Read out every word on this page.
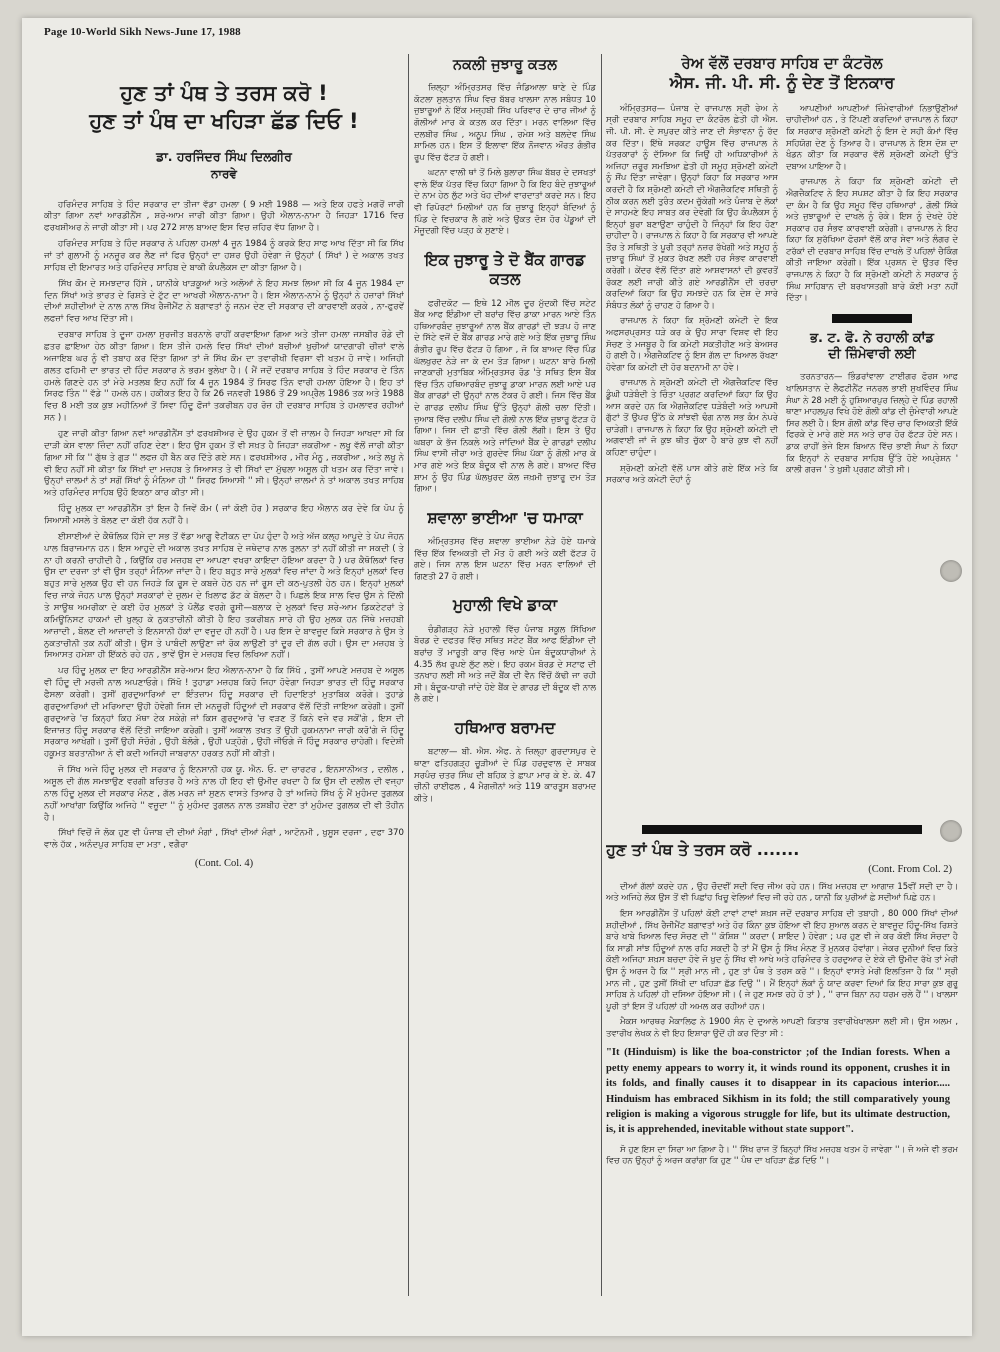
Page 10-World Sikh News-June 17, 1988
ਹੁਣ ਤਾਂ ਪੰਥ ਤੇ ਤਰਸ ਕਰੋ !
ਹੁਣ ਤਾਂ ਪੰਥ ਦਾ ਖਹਿੜਾ ਛੱਡ ਦਿਓ !
ਡਾ. ਹਰਜਿੰਦਰ ਸਿੰਘ ਦਿਲਗੀਰ
ਨਾਰਵੇ

ਹਰਿਮੰਦਰ ਸਾਹਿਬ ਤੇ ਹਿੰਦ ਸਰਕਾਰ ਦਾ ਤੀਜਾ ਵੱਡਾ ਹਮਲਾ ( 9 ਮਈ 1988 — ਅਤੇ ਇਕ ਹਫਤੇ ਮਗਰੋਂ ਜਾਰੀ ਕੀਤਾ ਗਿਆ ਨਵਾਂ ਆਰਡੀਨੈਂਸ , ਸ਼ਰੇ-ਆਮ ਜਾਰੀ ਕੀਤਾ ਗਿਆ। ਉਹੀ ਐਲਾਨ-ਨਾਮਾ ਹੈ ਜਿਹੜਾ 1716 ਵਿਚ ਫਰਖਸ਼ੀਅਰ ਨੇ ਜਾਰੀ ਕੀਤਾ ਸੀ। ਪਰ 272 ਸਾਲ ਬਾਅਦ ਇਸ ਵਿਚ ਜ਼ਹਿਰ ਵੱਧ ਗਿਆ ਹੈ।

ਹਰਿਮੰਦਰ ਸਾਹਿਬ ਤੇ ਹਿੰਦ ਸਰਕਾਰ ਨੇ ਪਹਿਲਾ ਹਮਲਾਂ 4 ਜੂਨ 1984 ਨੂੰ ਕਰਕੇ ਇਹ ਸਾਫ ਆਖ ਦਿੱਤਾ ਸੀ ਕਿ ਸਿੱਖ ਜਾਂ ਤਾਂ ਗੁਲਾਮੀ ਨੂੰ ਮਨਜ਼ੂਰ ਕਰ ਲੈਣ ਜਾਂ ਫਿਰ ਉਨ੍ਹਾਂ ਦਾ ਹਸ਼ਰ ਉਹੀ ਹੋਵੇਗਾ ਜੋ ਉਨ੍ਹਾਂ ( ਸਿੱਖਾਂ ) ਦੇ ਅਕਾਲ ਤਖਤ ਸਾਹਿਬ ਦੀ ਇਮਾਰਤ ਅਤੇ ਹਰਿਮੰਦਰ ਸਾਹਿਬ ਦੇ ਬਾਕੀ ਕੰਪਲੈਕਸ ਦਾ ਕੀਤਾ ਗਿਆ ਹੈ।

ਸਿੱਖ ਕੌਮ ਦੇ ਸਮਝਦਾਰ ਹਿੱਸੇ , ਯਾਨੀਕੇ ਖਾੜਕੂਆਂ ਅਤੇ ਅਲੋਆਂ ਨੇ ਇਹ ਸਮਝ ਲਿਆ ਸੀ ਕਿ 4 ਜੂਨ 1984 ਦਾ ਦਿਨ ਸਿੱਖਾਂ ਅਤੇ ਭਾਰਤ ਦੇ ਰਿਸ਼ਤੇ ਦੇ ਟੁੱਟ ਦਾ ਆਖਰੀ ਐਲਾਨ-ਨਾਮਾ ਹੈ। ਇਸ ਐਲਾਨ-ਨਾਮੇ ਨੂੰ ਉਨ੍ਹਾਂ ਨੇ ਹਜ਼ਾਰਾਂ ਸਿੱਖਾਂ ਦੀਆਂ ਸ਼ਹੀਦੀਆਂ ਦੇ ਨਾਲ ਨਾਲ ਸਿੱਖ ਰੈਜੀਮੈਂਟ ਨੇ ਬਗਾਵਤਾਂ ਨੂੰ ਜਨਮ ਦੇਣ ਦੀ ਸਰਕਾਰ ਦੀ ਕਾਰਵਾਈ ਕਰਕੇ , ਨਾ-ਫੁਰਵੇਂ ਲਫਜ਼ਾਂ ਵਿਚ ਆਖ ਦਿੱਤਾ ਸੀ।

ਦਰਬਾਰ ਸਾਹਿਬ ਤੇ ਦੂਜਾ ਹਮਲਾ ਸੁਰਜੀਤ ਬਰਨਾਲੇ ਰਾਹੀਂ ਕਰਵਾਇਆ ਗਿਆ ਅਤੇ ਤੀਜਾ ਹਮਲਾ ਜਸਬੀਰ ਰੋਡੇ ਦੀ ਛਤਰ ਛਾਇਆ ਹੇਠ ਕੀਤਾ ਗਿਆ। ਇਸ ਤੀਜੇ ਹਮਲੇ ਵਿਚ ਸਿੱਖਾਂ ਦੀਆਂ ਬਚੀਆਂ ਖੁਚੀਆਂ ਯਾਦਗਾਰੀ ਚੀਜ਼ਾਂ ਵਾਲੇ ਅਜਾਇਬ ਘਰ ਨੂੰ ਵੀ ਤਬਾਹ ਕਰ ਦਿੱਤਾ ਗਿਆ ਤਾਂ ਜੋ ਸਿੱਖ ਕੌਮ ਦਾ ਤਵਾਰੀਖੀ ਵਿਰਸਾ ਵੀ ਖਤਮ ਹੋ ਜਾਵੇ। ਅਜਿਹੀ ਗਲਤ ਫਹਿਮੀ ਦਾ ਭਾਰਤ ਦੀ ਹਿੰਦ ਸਰਕਾਰ ਨੇ ਭਰਮ ਭੁਲੇਖਾ ਹੈ। ( ਮੈਂ ਜਦੋਂ ਦਰਬਾਰ ਸਾਹਿਬ ਤੇ ਹਿੰਦ ਸਰਕਾਰ ਦੇ ਤਿੰਨ ਹਮਲੇ ਗਿਣਦੇ ਹਨ ਤਾਂ ਮੇਰੇ ਮਤਲਬ ਇਹ ਨਹੀਂ ਕਿ 4 ਜੂਨ 1984 ਤੋਂ ਸਿਰਫ ਤਿੰਨ ਵਾਰੀ ਹਮਲਾ ਹੋਇਆ ਹੈ। ਇਹ ਤਾਂ ਸਿਰਫ ਤਿੰਨ '' ਵੱਡੇ '' ਹਮਲੇ ਹਨ। ਹਕੀਕਤ ਇਹ ਹੈ ਕਿ 26 ਜਨਵਰੀ 1986 ਤੋਂ 29 ਅਪ੍ਰੈਲ 1986 ਤਕ ਅਤੇ 1988 ਵਿਚ 8 ਮਈ ਤਕ ਕੁਝ ਮਹੀਨਿਆਂ ਤੋਂ ਸਿਵਾ ਹਿੰਦੂ ਫੌਜਾਂ ਤਕਰੀਬਨ ਹਰ ਰੋਜ਼ ਹੀ ਦਰਬਾਰ ਸਾਹਿਬ ਤੇ ਹਮਲਾਵਰ ਰਹੀਆਂ ਸਨ )।

ਹੁਣ ਜਾਰੀ ਕੀਤਾ ਗਿਆ ਨਵਾਂ ਆਰਡੀਨੈਂਸ ਤਾਂ ਫਰਖਸ਼ੀਅਰ ਦੇ ਉਹ ਹੁਕਮ ਤੋਂ ਵੀ ਜ਼ਾਲਮ ਹੈ ਜਿਹੜਾ ਆਖਦਾ ਸੀ ਕਿ ਦਾੜੀ ਕੇਸ ਵਾਲਾ ਜ਼ਿੰਦਾ ਨਹੀਂ ਰਹਿਣ ਦੇਣਾ। ਇਹ ਉਸ ਹੁਕਮ ਤੋਂ ਵੀ ਸਖ਼ਤ ਹੈ ਜਿਹੜਾ ਜ਼ਕਰੀਆ - ਲਖੂ ਵੱਲੋਂ ਜਾਰੀ ਕੀਤਾ ਗਿਆ ਸੀ ਕਿ '' ਗੁੱਥ ਤੇ ਗੁੜ '' ਲਫਜ਼ ਹੀ ਬੈਨ ਕਰ ਦਿੱਤੇ ਗਏ ਸਨ। ਫਰਖਸ਼ੀਅਰ , ਮੀਰ ਮੰਨੂ , ਜ਼ਕਰੀਆ , ਅਤੇ ਲਖੂ ਨੇ ਵੀ ਇਹ ਨਹੀਂ ਸੀ ਕੀਤਾ ਕਿ ਸਿੱਖਾਂ ਦਾ ਮਜ਼ਹਬ ਤੇ ਸਿਆਸਤ ਤੇ ਵੀ ਸਿੱਖਾਂ ਦਾ ਮੁੱਢਲਾ ਅਸੂਲ ਹੀ ਖਤਮ ਕਰ ਦਿੱਤਾ ਜਾਵੇ। ਉਨ੍ਹਾਂ ਜ਼ਾਲਮਾਂ ਨੇ ਤਾਂ ਸਗੋਂ ਸਿੱਖਾਂ ਨੂੰ ਮੰਨਿਆ ਹੀ '' ਸਿਰਫ ਸਿਆਸੀ '' ਸੀ। ਉਨ੍ਹਾਂ ਜ਼ਾਲਮਾਂ ਨੇ ਤਾਂ ਅਕਾਲ ਤਖਤ ਸਾਹਿਬ ਅਤੇ ਹਰਿਮੰਦਰ ਸਾਹਿਬ ਉਹੋ ਇਕਠਾ ਕਾਰ ਕੀਤਾ ਸੀ।

ਹਿੰਦੂ ਮੁਲਕ ਦਾ ਆਰਡੀਨੈਂਸ ਤਾਂ ਇਜ ਹੈ ਜਿਵੇਂ ਕੌਮ ( ਜਾਂ ਕੋਈ ਹੋਰ ) ਸਰਕਾਰ ਇਹ ਐਲਾਨ ਕਰ ਦੇਵੇ ਕਿ ਪੋਪ ਨੂੰ ਸਿਆਸੀ ਮਸਲੇ ਤੇ ਬੋਲਣ ਦਾ ਕੋਈ ਹੱਕ ਨਹੀਂ ਹੈ।

ਈਸਾਈਆਂ ਦੇ ਕੈਥੋਲਿਕ ਹਿੱਸੇ ਦਾ ਸਭ ਤੋਂ ਵੱਡਾ ਆਗੂ ਵੈਟੀਕਨ ਦਾ ਪੋਪ ਹੁੰਦਾ ਹੈ ਅਤੇ ਅੱਜ ਕਲ੍ਹ ਆਪੂਦੇ ਤੇ ਪੋਪ ਜੋਹਨ ਪਾਲ ਬਿਰਾਜਮਾਨ ਹਨ। ਇਸ ਆਹੁਦੇ ਦੀ ਅਕਾਲ ਤਖਤ ਸਾਹਿਬ ਦੇ ਜਥੇਦਾਰ ਨਾਲ ਤੁਲਨਾ ਤਾਂ ਨਹੀਂ ਕੀਤੀ ਜਾ ਸਕਦੀ ( ਤੇ ਨਾ ਹੀ ਕਰਨੀ ਚਾਹੀਦੀ ਹੈ , ਕਿਉਂਕਿ ਹਰ ਮਜ਼ਹਬ ਦਾ ਆਪਣਾ ਵਖਰਾ ਕਾਇਦਾ ਹੋਇਆ ਕਰਦਾ ਹੈ ) ਪਰ ਕੈਥੋਲਿਕਾਂ ਵਿਚ ਉਸ ਦਾ ਦਰਜਾ ਤਾਂ ਵੀ ਉਸ ਤਰ੍ਹਾਂ ਮੰਨਿਆ ਜਾਂਦਾ ਹੈ। ਇਹ ਬਹੁਤ ਸਾਰੇ ਮੁਲਕਾਂ ਵਿਚ ਜਾਂਦਾ ਹੈ ਅਤੇ ਇਨ੍ਹਾਂ ਮੁਲਕਾਂ ਵਿਚ ਬਹੁਤ ਸਾਰੇ ਮੁਲਕ ਉਹ ਵੀ ਹਨ ਜਿਹੜੇ ਕਿ ਰੂਸ ਦੇ ਕਬਜ਼ੇ ਹੇਠ ਹਨ ਜਾਂ ਰੂਸ ਦੀ ਕਠ-ਪੁਤਲੀ ਹੇਠ ਹਨ। ਇਨ੍ਹਾਂ ਮੁਲਕਾਂ ਵਿਚ ਜਾਕੇ ਜੋਹਨ ਪਾਲ ਉਨ੍ਹਾਂ ਸਰਕਾਰਾਂ ਦੇ ਜ਼ੁਲਮ ਦੇ ਖ਼ਿਲਾਫ ਡੱਟ ਕੇ ਬੋਲਦਾ ਹੈ। ਪਿਛਲੇ ਇਕ ਸਾਲ ਵਿਚ ਉਸ ਨੇ ਦਿੱਲੀ ਤੇ ਸਾਊਥ ਅਮਰੀਕਾ ਦੇ ਕਈ ਹੋਰ ਮੁਲਕਾਂ ਤੇ ਪੋਲੈਂਡ ਵਰਗੇ ਰੂਸੀ—ਬਲਾਕ ਦੇ ਮੁਲਕਾਂ ਵਿਚ ਸ਼ਰੇ-ਆਮ ਡਿਕਟੇਟਰਾਂ ਤੇ ਕਮਿਊਨਿਸਟ ਹਾਕਮਾਂ ਦੀ ਖੁਲ੍ਹ ਕੇ ਨੁਕਤਾਚੀਨੀ ਕੀਤੀ ਹੈ ਇਹ ਤਕਰੀਬਨ ਸਾਰੇ ਹੀ ਉਹ ਮੁਲਕ ਹਨ ਜਿੱਥੇ ਮਜ਼ਹਬੀ ਆਜ਼ਾਦੀ , ਬੋਲਣ ਦੀ ਆਜ਼ਾਦੀ ਤੇ ਇਨਸਾਨੀ ਹੱਕਾਂ ਦਾ ਵਜੂਦ ਹੀ ਨਹੀਂ ਹੈ। ਪਰ ਇਸ ਦੇ ਬਾਵਜੂਦ ਕਿਸੇ ਸਰਕਾਰ ਨੇ ਉਸ ਤੇ ਨੁਕਤਾਚੀਨੀ ਤਕ ਨਹੀਂ ਕੀਤੀ। ਉਸ ਤੇ ਪਾਬੰਦੀ ਲਾਉਣਾ ਜਾਂ ਰੋਕ ਲਾਉਣੀ ਤਾਂ ਦੂਰ ਦੀ ਗੱਲ ਰਹੀ। ਉਸ ਦਾ ਮਜ਼ਹਬ ਤੇ ਸਿਆਸਤ ਹਮੇਸ਼ਾ ਹੀ ਇੱਕਠੇ ਰਹੇ ਹਨ , ਭਾਵੇਂ ਉਸ ਦੇ ਮਜ਼ਹਬ ਵਿਚ ਲਿਖਿਆ ਨਹੀਂ।

ਪਰ ਹਿੰਦੂ ਮੁਲਕ ਦਾ ਇਹ ਆਰਡੀਨੈਂਸ ਸ਼ਰੇ-ਆਮ ਇਹ ਐਲਾਨ-ਨਾਮਾ ਹੈ ਕਿ ਸਿੱਖੋ , ਤੁਸੀਂ ਆਪਣੇ ਮਜ਼ਹਬ ਦੇ ਅਸੂਲ ਵੀ ਹਿੰਦੂ ਦੀ ਮਰਜ਼ੀ ਨਾਲ ਅਪਣਾਓਗੇ। ਸਿੱਖੋ ! ਤੁਹਾਡਾ ਮਜ਼ਹਬ ਕਿਹੋ ਜਿਹਾ ਹੋਵੇਗਾ ਜਿਹੜਾ ਭਾਰਤ ਦੀ ਹਿੰਦੂ ਸਰਕਾਰ ਫੈਸਲਾ ਕਰੇਗੀ। ਤੁਸੀਂ ਗੁਰਦੁਆਰਿਆਂ ਦਾ ਇੰਤਜ਼ਾਮ ਹਿੰਦੂ ਸਰਕਾਰ ਦੀ ਹਿਦਾਇਤਾਂ ਮੁਤਾਬਿਕ ਕਰੋਗੇ। ਤੁਹਾਡੇ ਗੁਰਦੁਆਰਿਆਂ ਦੀ ਮਰਿਆਦਾ ਉਹੀ ਹੋਵੇਗੀ ਜਿਸ ਦੀ ਮਨਜ਼ੂਰੀ ਹਿੰਦੂਆਂ ਦੀ ਸਰਕਾਰ ਵੱਲੋਂ ਦਿੱਤੀ ਜਾਇਆ ਕਰੇਗੀ। ਤੁਸੀਂ ਗੁਰਦੁਆਰੇ 'ਚ ਕਿਨ੍ਹਾਂ ਕਿਹ ਮੱਥਾ ਟੇਕ ਸਕੇਗੇ ਜਾਂ ਕਿਸ ਗੁਰਦੁਆਰੇ 'ਚ ਵੜਣ ਤੋਂ ਕਿਨੇ ਵਜੇ ਵਰ ਸਕੋਂ'ਗੇ , ਇਸ ਦੀ ਇਜਾਜ਼ਤ ਹਿੰਦੂ ਸਰਕਾਰ ਵੱਲੋਂ ਦਿੱਤੀ ਜਾਇਆ ਕਰੇਗੀ। ਤੁਸੀਂ ਅਕਾਲ ਤਖਤ ਤੋਂ ਉਹੀ ਹੁਕਮਨਾਮਾ ਜਾਰੀ ਕਰੋ'ਗੇ ਜੋ ਹਿੰਦੂ ਸਰਕਾਰ ਆਖੇਗੀ। ਤੁਸੀਂ ਉਹੀ ਸੋਚੋਗੇ , ਉਹੀ ਬੋਲੋਗੇ , ਉਹੀ ਪੜ੍ਹੋਗੇ , ਉਹੀ ਜੀਓਗੇ ਜੋ ਹਿੰਦੂ ਸਰਕਾਰ ਚਾਹੇਗੀ। ਵਿਦੇਸ਼ੀ ਹਕੂਮਤ ਬਰਤਾਨੀਆ ਨੇ ਵੀ ਕਦੀ ਅਜਿਹੀ ਜਾਬਰਾਨਾ ਹਰਕਤ ਨਹੀਂ ਸੀ ਕੀਤੀ।

ਜੋ ਸਿੱਖ ਅਜੇ ਹਿੰਦੂ ਮੁਲਕ ਦੀ ਸਰਕਾਰ ਨੂੰ ਇਨਸਾਨੀ ਹਕ ਯੂ. ਐਨ. ਓ. ਦਾ ਚਾਰਟਰ , ਇਨਸਾਨੀਅਤ , ਦਲੀਲ , ਅਸੂਲ ਦੀ ਗੱਲ ਸਮਝਾਉਣ ਵਰਗੀ ਬਚਿਤਰ ਹੈ ਅਤੇ ਨਾਲ ਹੀ ਇਹ ਵੀ ਉਮੀਦ ਰਖਦਾ ਹੈ ਕਿ ਉਸ ਦੀ ਦਲੀਲ ਦੀ ਵਜ੍ਹਾ ਨਾਲ ਹਿੰਦੂ ਮੁਲਕ ਦੀ ਸਰਕਾਰ ਮੰਨਣ , ਗੱਲ ਮਰਨ ਜਾਂ ਸੁਣਨ ਵਾਸਤੇ ਤਿਆਰ ਹੈ ਤਾਂ ਅਜਿਹੇ ਸਿੱਖ ਨੂੰ ਮੈਂ ਮੁਹੰਮਦ ਤੁਗਲਕ ਨਹੀਂ ਆਖਾਂਗਾ ਕਿਉਂਕਿ ਅਜਿਹੇ '' ਵਜ਼ੂਦਾ '' ਨੂੰ ਮੁਹੰਮਦ ਤੁਗਲਨ ਨਾਲ ਤਸ਼ਬੀਹ ਦੇਣਾ ਤਾਂ ਮੁਹੰਮਦ ਤੁਗਲਕ ਦੀ ਵੀ ਤੌਹੀਨ ਹੈ।

ਸਿੱਖਾਂ ਵਿਚੋਂ ਜੋ ਲੋਕ ਹੁਣ ਵੀ ਪੰਜਾਬ ਦੀ ਦੀਆਂ ਮੰਗਾਂ , ਸਿੱਖਾਂ ਦੀਆਂ ਮੰਗਾਂ , ਆਟੋਨਮੀ , ਖੁਸੂਸ ਦਰਜਾ , ਦਫਾ 370 ਵਾਲੇ ਹੱਕ , ਅਨੰਦਪੁਰ ਸਾਹਿਬ ਦਾ ਮਤਾ , ਵਗੈਰਾ

(Cont. Col. 4)
ਨਕਲੀ ਜੁਝਾਰੂ ਕਤਲ

ਜ਼ਿਲ੍ਹਾ ਅੰਮ੍ਰਿਤਸਰ ਵਿੱਚ ਜੰਡਿਆਲਾ ਥਾਣੇ ਦੇ ਪਿੰਡ ਕੋਟਲਾ ਸੁਲਤਾਨ ਸਿੰਘ ਵਿਚ ਬੱਬਰ ਖਾਲਸਾ ਨਾਲ ਸਬੰਧਤ 10 ਜੁਝਾਰੂਆਂ ਨੇ ਇੱਕ ਮਜ਼੍ਹਬੀ ਸਿੱਖ ਪਰਿਵਾਰ ਦੇ ਚਾਰ ਜੀਆਂ ਨੂੰ ਗੋਲੀਆਂ ਮਾਰ ਕੇ ਕਤਲ ਕਰ ਦਿੱਤਾ। ਮਰਨ ਵਾਲਿਆ ਵਿੱਚ ਦਲਬੀਰ ਸਿੰਘ , ਅਨੂਪ ਸਿੰਘ , ਰਮੇਸ਼ ਅਤੇ ਬਲਦੇਵ ਸਿੰਘ ਸ਼ਾਮਿਲ ਹਨ। ਇਸ ਤੋਂ ਇਲਾਵਾ ਇੱਕ ਨੌਜਵਾਨ ਔਰਤ ਗੰਭੀਰ ਰੂਪ ਵਿੱਚ ਫੱਟੜ ਹੋ ਗਈ।

ਘਟਨਾ ਵਾਲੀ ਥਾਂ ਤੋਂ ਮਿਲੇ ਬੁਲਾਰਾ ਸਿੰਘ ਬੱਬਰ ਦੇ ਦਸਖਤਾਂ ਵਾਲੇ ਇੱਕ ਪੱਤਰ ਵਿੱਚ ਕਿਹਾ ਗਿਆ ਹੈ ਕਿ ਇਹ ਬੰਦੇ ਜੁਝਾਰੂਆਂ ਦੇ ਨਾਮ ਹੇਠ ਲੁੱਟ ਅਤੇ ਖੋਹ ਦੀਆਂ ਵਾਰਦਾਤਾਂ ਕਰਦੇ ਸਨ। ਇਹ ਵੀ ਰਿਪੋਰਟਾਂ ਮਿਲੀਆਂ ਹਨ ਕਿ ਜੁਝਾਰੂ ਇਨ੍ਹਾਂ ਬੰਦਿਆਂ ਨੂੰ ਪਿੰਡ ਦੇ ਵਿਚਕਾਰ ਲੈ ਗਏ ਅਤੇ ਉਕਤ ਦੋਸ਼ ਹੋਰ ਪੇਂਡੂਆਂ ਦੀ ਮੌਜੂਦਗੀ ਵਿੱਚ ਪੜ੍ਹ ਕੇ ਸੁਣਾਏ।

ਇਕ ਜੁਝਾਰੂ ਤੇ ਦੋ ਬੈਂਕ ਗਾਰਡ ਕਤਲ

ਫਰੀਦਕੋਟ — ਇਥੇ 12 ਮੀਲ ਦੂਰ ਮੁੱਦਕੀ ਵਿੱਚ ਸਟੇਟ ਬੈਂਕ ਆਫ ਇੰਡੀਆ ਦੀ ਬਰਾਂਚ ਵਿੱਚ ਡਾਕਾ ਮਾਰਨ ਆਏ ਤਿੰਨ ਹਥਿਆਰਬੰਦ ਜੁਝਾਰੂਆਂ ਨਾਲ ਬੈਂਕ ਗਾਰਡਾਂ ਦੀ ਝੜਪ ਹੋ ਜਾਣ ਦੇ ਸਿੱਟੇ ਵਜੋਂ ਦੋ ਬੈਂਕ ਗਾਰਡ ਮਾਰੇ ਗਏ ਅਤੇ ਇੱਕ ਜੁਝਾਰੂ ਸਿੰਘ ਗੰਭੀਰ ਰੂਪ ਵਿੱਚ ਫੱਟੜ ਹੋ ਗਿਆ , ਜੋ ਕਿ ਬਾਅਦ ਵਿੱਚ ਪਿੰਡ ਘੱਲਖੁਰਦ ਨੇੜੇ ਜਾ ਕੇ ਦਮ ਤੋੜ ਗਿਆ। ਘਟਨਾ ਬਾਰੇ ਮਿਲੀ ਜਾਣਕਾਰੀ ਮੁਤਾਬਿਕ ਅੰਮ੍ਰਿਤਸਰ ਰੋਡ 'ਤੇ ਸਥਿਤ ਇਸ ਬੈਂਕ ਵਿੱਚ ਤਿੰਨ ਹਥਿਆਰਬੰਦ ਜੁਝਾਰੂ ਡਾਕਾ ਮਾਰਨ ਲਈ ਆਏ ਪਰ ਬੈਂਕ ਗਾਰਡਾਂ ਦੀ ਉਨ੍ਹਾਂ ਨਾਲ ਟੱਕਰ ਹੋ ਗਈ। ਜਿਸ ਵਿੱਚ ਬੈਂਕ ਦੇ ਗਾਰਡ ਦਲੀਪ ਸਿੰਘ ਉੱਤੇ ਉਨ੍ਹਾਂ ਗੋਲੀ ਚਲਾ ਦਿੱਤੀ। ਜੁਆਬ ਵਿੱਚ ਦਲੀਪ ਸਿੰਘ ਦੀ ਗੋਲੀ ਨਾਲ ਇੱਕ ਜੁਝਾਰੂ ਫੱਟੜ ਹੋ ਗਿਆ। ਜਿਸ ਦੀ ਛਾਤੀ ਵਿੱਚ ਗੋਲੀ ਲੱਗੀ। ਇਸ ਤੇ ਉਹ ਘਬਰਾ ਕੇ ਭੱਜ ਨਿਕਲੇ ਅਤੇ ਜਾਂਦਿਆਂ ਬੈਂਕ ਦੇ ਗਾਰਡਾਂ ਦਲੀਪ ਸਿੰਘ ਵਾਸੀ ਜ਼ੀਰਾ ਅਤੇ ਗੁਰਦੇਵ ਸਿੰਘ ਪੱਕਾ ਨੂੰ ਗੋਲੀ ਮਾਰ ਕੇ ਮਾਰ ਗਏ ਅਤੇ ਇਕ ਬੰਦੂਕ ਵੀ ਨਾਲ ਲੈ ਗਏ। ਬਾਅਦ ਵਿੱਚ ਸ਼ਾਮ ਨੂੰ ਉਹ ਪਿੰਡ ਘੱਲਖੁਰਦ ਕੋਲ ਜਖ਼ਮੀ ਜੁਝਾਰੂ ਦਮ ਤੋੜ ਗਿਆ।

ਸ਼ਵਾਲਾ ਭਾਈਆ 'ਚ ਧਮਾਕਾ

ਅੰਮ੍ਰਿਤਸਰ ਵਿੱਚ ਸ਼ਵਾਲਾ ਭਾਈਆ ਨੇੜੇ ਹੋਏ ਧਮਾਕੇ ਵਿੱਚ ਇੱਕ ਵਿਅਕਤੀ ਦੀ ਮੌਤ ਹੋ ਗਈ ਅਤੇ ਕਈ ਫੱਟੜ ਹੋ ਗਏ। ਜਿਸ ਨਾਲ ਇਸ ਘਟਨਾ ਵਿੱਚ ਮਰਨ ਵਾਲਿਆਂ ਦੀ ਗਿਣਤੀ 27 ਹੋ ਗਈ।

ਮੁਹਾਲੀ ਵਿਖੇ ਡਾਕਾ

ਚੰਡੀਗੜ੍ਹ ਨੇੜੇ ਮੁਹਾਲੀ ਵਿੱਚ ਪੰਜਾਬ ਸਕੂਲ ਸਿੱਖਿਆ ਬੋਰਡ ਦੇ ਦਫਤਰ ਵਿੱਚ ਸਥਿਤ ਸਟੇਟ ਬੈਂਕ ਆਫ ਇੰਡੀਆ ਦੀ ਬਰਾਂਚ ਤੋਂ ਮਾਰੂਤੀ ਕਾਰ ਵਿੱਚ ਆਏ ਪੰਜ ਬੰਦੂਕਧਾਰੀਆਂ ਨੇ 4.35 ਲੱਖ ਰੁਪਏ ਲੁੱਟ ਲਏ। ਇਹ ਰਕਮ ਬੋਰਡ ਦੇ ਸਟਾਫ ਦੀ ਤਨਖਾਹ ਲਈ ਸੀ ਅਤੇ ਜਦੋਂ ਬੈਂਕ ਦੀ ਵੈਨ ਵਿੱਚੋਂ ਕੱਢੀ ਜਾ ਰਹੀ ਸੀ। ਬੰਦੂਕ-ਧਾਰੀ ਜਾਂਦੇ ਹੋਏ ਬੈਂਕ ਦੇ ਗਾਰਡ ਦੀ ਬੰਦੂਕ ਵੀ ਨਾਲ ਲੈ ਗਏ।

ਹਥਿਆਰ ਬਰਾਮਦ

ਬਟਾਲਾ— ਬੀ. ਐਸ. ਐਫ. ਨੇ ਜ਼ਿਲ੍ਹਾ ਗੁਰਦਾਸਪੁਰ ਦੇ ਥਾਣਾ ਫਤਿਹਗੜ੍ਹ ਚੂੜੀਆਂ ਦੇ ਪਿੰਡ ਹਰਦੁਵਾਲ ਦੇ ਸਾਬਕ ਸਰਪੰਚ ਚਤਰ ਸਿੰਘ ਦੀ ਬਹਿਕ ਤੇ ਛਾਪਾ ਮਾਰ ਕੇ ਏ. ਕੇ. 47 ਚੀਨੀ ਰਾਈਫਲ , 4 ਮੈਗਜ਼ੀਨਾਂ ਅਤੇ 119 ਕਾਰਤੂਸ ਬਰਾਮਦ ਕੀਤੇ।

ਰੇਅ ਵੱਲੋਂ ਦਰਬਾਰ ਸਾਹਿਬ ਦਾ ਕੰਟਰੋਲ
ਐਸ. ਜੀ. ਪੀ. ਸੀ. ਨੂੰ ਦੇਣ ਤੋਂ ਇਨਕਾਰ

ਅੰਮ੍ਰਿਤਸਰ— ਪੰਜਾਬ ਦੇ ਰਾਜਪਾਲ ਸ੍ਰੀ ਰੇਅ ਨੇ ਸ੍ਰੀ ਦਰਬਾਰ ਸਾਹਿਬ ਸਮੂਹ ਦਾ ਕੰਟਰੋਲ ਛੇਤੀ ਹੀ ਐਸ. ਜੀ. ਪੀ. ਸੀ. ਦੇ ਸਪੁਰਦ ਕੀਤੇ ਜਾਣ ਦੀ ਸੰਭਾਵਨਾ ਨੂੰ ਰੱਦ ਕਰ ਦਿੱਤਾ। ਇੱਥੇ ਸਰਕਟ ਹਾਊਸ ਵਿੱਚ ਰਾਜਪਾਲ ਨੇ ਪੱਤਰਕਾਰਾਂ ਨੂੰ ਦੱਸਿਆ ਕਿ ਜਿਉਂ ਹੀ ਅਧਿਕਾਰੀਆਂ ਨੇ ਅਜਿਹਾ ਜ਼ਰੂਰ ਸਮਝਿਆ ਛੇਤੀ ਹੀ ਸਮੂਹ ਸ਼੍ਰੋਮਣੀ ਕਮੇਟੀ ਨੂੰ ਸੌਂਪ ਦਿੱਤਾ ਜਾਵੇਗਾ। ਉਨ੍ਹਾਂ ਕਿਹਾ ਕਿ ਸਰਕਾਰ ਆਸ ਕਰਦੀ ਹੈ ਕਿ ਸ਼੍ਰੋਮਣੀ ਕਮੇਟੀ ਦੀ ਐਗਜ਼ੈਕਟਿਵ ਸਥਿਤੀ ਨੂੰ ਠੀਕ ਕਰਨ ਲਈ ਤੁਰੰਤ ਕਦਮ ਚੁੱਕੇਗੀ ਅਤੇ ਪੰਜਾਬ ਦੇ ਲੋਕਾਂ ਦੇ ਸਾਹਮਣੇ ਇਹ ਸਾਬਤ ਕਰ ਦੇਵੇਗੀ ਕਿ ਉਹ ਕੰਪਲੈਕਸ ਨੂੰ ਇਨ੍ਹਾਂ ਬੁਰਾ ਬਣਾਉਣਾ ਚਾਹੁੰਦੀ ਹੈ ਜਿੰਨ੍ਹਾਂ ਕਿ ਇਹ ਹੋਣਾ ਚਾਹੀਦਾ ਹੈ। ਰਾਜਪਾਲ ਨੇ ਕਿਹਾ ਹੈ ਕਿ ਸਰਕਾਰ ਵੀ ਆਪਣੇ ਤੌਰ ਤੇ ਸਥਿਤੀ ਤੇ ਪੂਰੀ ਤਰ੍ਹਾਂ ਨਜ਼ਰ ਰੱਖੇਗੀ ਅਤੇ ਸਮੂਹ ਨੂੰ ਜੁਝਾਰੂ ਸਿੰਘਾਂ ਤੋਂ ਮੁਕਤ ਰੱਖਣ ਲਈ ਹਰ ਸੰਭਵ ਕਾਰਵਾਈ ਕਰੇਗੀ। ਕੇਂਦਰ ਵੱਲੋਂ ਦਿੱਤਾ ਗਏ ਆਸ਼ਵਾਸਨਾਂ ਦੀ ਕੁਵਰਤੋਂ ਰੋਕਣ ਲਈ ਜਾਰੀ ਕੀਤੇ ਗਏ ਆਰਡੀਨੈਂਸ ਦੀ ਚਰਚਾ ਕਰਦਿਆਂ ਕਿਹਾ ਕਿ ਉਹ ਸਮਝਦੇ ਹਨ ਕਿ ਦੇਸ਼ ਦੇ ਸਾਰੇ ਸੰਬੰਧਤ ਲੋਕਾਂ ਨੂੰ ਚਾਹਣ ਹੋ ਗਿਆ ਹੈ।

ਰਾਜਪਾਲ ਨੇ ਕਿਹਾ ਕਿ ਸ਼੍ਰੋਮਣੀ ਕਮੇਟੀ ਦੇ ਇਕ ਅਫਸਰਪ੍ਰਸਤ ਧੜੇ ਕਰ ਕੇ ਉਹ ਸਾਰਾ ਵਿਸ਼ਵ ਵੀ ਇਹ ਸੋਚਣ ਤੇ ਮਜਬੂਰ ਹੈ ਕਿ ਕਮੇਟੀ ਸਕਤੀਹੀਣ ਅਤੇ ਬੇਅਸਰ ਹੋ ਗਈ ਹੈ। ਐਗਜ਼ੈਕਟਿਵ ਨੂੰ ਇਸ ਗੱਲ ਦਾ ਖਿਆਲ ਰੱਖਣਾ ਹੋਵੇਗਾ ਕਿ ਕਮੇਟੀ ਦੀ ਹੋਰ ਬਦਨਾਮੀ ਨਾ ਹੋਵੇ।

ਰਾਜਪਾਲ ਨੇ ਸ਼੍ਰੋਮਣੀ ਕਮੇਟੀ ਦੀ ਐਗਜ਼ੈਕਟਿਵ ਵਿੱਚ ਡੂੰਘੀ ਧੜੇਬੰਦੀ ਤੇ ਚਿੰਤਾ ਪ੍ਰਗਟ ਕਰਦਿਆਂ ਕਿਹਾ ਕਿ ਉਹ ਆਸ ਕਰਦੇ ਹਨ ਕਿ ਐਗਜ਼ੈਕਟਿਵ ਧੜੇਬੰਦੀ ਅਤੇ ਆਪਸੀ ਗੁੱਟਾਂ ਤੋਂ ਉਪਰ ਉੱਠ ਕੇ ਸਾਂਝਵੀ ਢੰਗ ਨਾਲ ਸਭ ਕੰਮ ਨੇਪਰੇ ਚਾੜੇਗੀ। ਰਾਜਪਾਲ ਨੇ ਕਿਹਾ ਕਿ ਉਹ ਸ਼੍ਰੋਮਣੀ ਕਮੇਟੀ ਦੀ ਅਗਵਾਈ ਜਾਂ ਜੋ ਕੁਝ ਥੀਤ ਚੁੱਕਾ ਹੈ ਬਾਰੇ ਕੁਝ ਵੀ ਨਹੀਂ ਕਹਿਣਾ ਚਾਹੁੰਦਾ।

ਸ਼੍ਰੋਮਣੀ ਕਮੇਟੀ ਵੱਲੋਂ ਪਾਸ ਕੀਤੇ ਗਏ ਇੱਕ ਮਤੇ ਕਿ ਸਰਕਾਰ ਅਤੇ ਕਮੇਟੀ ਦੋਹਾਂ ਨੂੰ

ਆਪਣੀਆਂ ਆਪਣੀਆਂ ਜ਼ਿੰਮੇਵਾਰੀਆਂ ਨਿਭਾਉਣੀਆਂ ਚਾਹੀਦੀਆਂ ਹਨ , ਤੇ ਟਿੱਪਣੀ ਕਰਦਿਆਂ ਰਾਜਪਾਲ ਨੇ ਕਿਹਾ ਕਿ ਸਰਕਾਰ ਸ਼੍ਰੋਮਣੀ ਕਮੇਟੀ ਨੂੰ ਇਸ ਦੇ ਸਹੀ ਕੰਮਾਂ ਵਿੱਚ ਸਹਿਯੋਗ ਦੇਣ ਨੂੰ ਤਿਆਰ ਹੈ। ਰਾਜਪਾਲ ਨੇ ਇਸ ਦੋਸ਼ ਦਾ ਖੰਡਨ ਕੀਤਾ ਕਿ ਸਰਕਾਰ ਵੱਲੋਂ ਸ਼੍ਰੋਮਣੀ ਕਮੇਟੀ ਉੱਤੇ ਦਬਾਅ ਪਾਇਆ ਹੈ।

ਰਾਜਪਾਲ ਨੇ ਕਿਹਾ ਕਿ ਸ਼੍ਰੋਮਣੀ ਕਮੇਟੀ ਦੀ ਐਗਜ਼ੈਕਟਿਵ ਨੇ ਇਹ ਸਪਸ਼ਟ ਕੀਤਾ ਹੈ ਕਿ ਇਹ ਸਰਕਾਰ ਦਾ ਕੰਮ ਹੈ ਕਿ ਉਹ ਸਮੂਹ ਵਿੱਚ ਹਥਿਆਰਾਂ , ਗੋਲੀ ਸਿੱਕੇ ਅਤੇ ਜੁਝਾਰੂਆਂ ਦੇ ਦਾਖਲੇ ਨੂੰ ਰੋਕੇ। ਇਸ ਨੂੰ ਦੇਖਦੇ ਹੋਏ ਸਰਕਾਰ ਹਰ ਸੰਭਵ ਕਾਰਵਾਈ ਕਰੇਗੀ। ਰਾਜਪਾਲ ਨੇ ਇਹ ਕਿਹਾ ਕਿ ਸੁਰੱਖਿਆ ਫੋਰਸਾਂ ਵੱਲੋਂ ਕਾਰ ਸੇਵਾ ਅਤੇ ਲੰਗਰ ਦੇ ਟਰੱਕਾਂ ਦੀ ਦਰਬਾਰ ਸਾਹਿਬ ਵਿੱਚ ਦਾਖਲੇ ਤੋਂ ਪਹਿਲਾਂ ਚੈਕਿੰਗ ਕੀਤੀ ਜਾਇਆ ਕਰੇਗੀ। ਇੱਕ ਪ੍ਰਸ਼ਨ ਦੇ ਉਤਰ ਵਿੱਚ ਰਾਜਪਾਲ ਨੇ ਕਿਹਾ ਹੈ ਕਿ ਸ਼੍ਰੋਮਣੀ ਕਮੇਟੀ ਨੇ ਸਰਕਾਰ ਨੂੰ ਸਿੰਘ ਸਾਹਿਬਾਨ ਦੀ ਬਰਖਾਸਤਗੀ ਬਾਰੇ ਕੋਈ ਮਤਾ ਨਹੀਂ ਦਿੱਤਾ।

ਭ. ਟ. ਫੋ. ਨੇ ਰਹਾਲੀ ਕਾਂਡ
ਦੀ ਜ਼ਿੰਮੇਵਾਰੀ ਲਈ

ਤਰਨਤਾਰਨ— ਭਿੰਡਰਾਂਵਾਲਾ ਟਾਈਗਰ ਫੋਰਸ ਆਫ ਖਾਲਿਸਤਾਨ ਦੇ ਲੈਫਟੀਨੈਂਟ ਜਨਰਲ ਭਾਈ ਸੁਖਵਿੰਦਰ ਸਿੰਘ ਸੰਘਾ ਨੇ 28 ਮਈ ਨੂੰ ਹੁਸ਼ਿਆਰਪੁਰ ਜ਼ਿਲ੍ਹੇ ਦੇ ਪਿੰਡ ਰਹਾਲੀ ਥਾਣਾ ਮਾਹਲਪੁਰ ਵਿਖੇ ਹੋਏ ਗੋਲੀ ਕਾਂਡ ਦੀ ਜ਼ੁੰਮੇਵਾਰੀ ਆਪਣੇ ਸਿਰ ਲਈ ਹੈ। ਇਸ ਗੋਲੀ ਕਾਂਡ ਵਿੱਚ ਚਾਰ ਵਿਅਕਤੀ ਇੱਕੋ ਫਿਰਕੇ ਦੇ ਮਾਰੇ ਗਏ ਸਨ ਅਤੇ ਚਾਰ ਹੋਰ ਫੱਟੜ ਹੋਏ ਸਨ। ਡਾਕ ਰਾਹੀਂ ਭੇਜੇ ਇਸ ਬਿਆਨ ਵਿੱਚ ਭਾਈ ਸੰਘਾ ਨੇ ਕਿਹਾ ਕਿ ਇਨ੍ਹਾਂ ਨੇ ਦਰਬਾਰ ਸਾਹਿਬ ਉੱਤੇ ਹੋਏ ਅਪ੍ਰੇਸ਼ਨ ' ਕਾਲੀ ਗਰਜ ' ਤੇ ਖੁਸ਼ੀ ਪ੍ਰਗਟ ਕੀਤੀ ਸੀ।

ਹੁਣ ਤਾਂ ਪੰਥ ਤੇ ਤਰਸ ਕਰੋ .......
(Cont. From Col. 2)

ਦੀਆਂ ਗੱਲਾਂ ਕਰਦੇ ਹਨ , ਉਹ ਚੌਦਵੀਂ ਸਦੀ ਵਿਚ ਜੀਅ ਰਹੇ ਹਨ। ਸਿੱਖ ਮਜ਼ਹਬ ਦਾ ਆਗਾਜ਼ 15ਵੀਂ ਸਦੀ ਦਾ ਹੈ। ਅਤੇ ਅਜਿਹੇ ਲੋਕ ਉਸ ਤੋਂ ਵੀ ਪਿਛਾਂਹ ਖਿਚੂ ਵੇਲਿਆਂ ਵਿਚ ਜੀ ਰਹੇ ਹਨ , ਯਾਨੀ ਕਿ ਪੁਰੀਆਂ ਛੇ ਸਦੀਆਂ ਪਿਛੇ ਹਨ।

ਇਸ ਆਰਡੀਨੈਂਸ ਤੋਂ ਪਹਿਲਾਂ ਕੋਈ ਟਾਵਾਂ ਟਾਵਾਂ ਸ਼ਖ਼ਸ ਜਦੋਂ ਦਰਬਾਰ ਸਾਹਿਬ ਦੀ ਤਬਾਹੀ , 80 000 ਸਿੱਖਾਂ ਦੀਆਂ ਸ਼ਹੀਦੀਆਂ , ਸਿੱਖ ਰੈਜੀਮੈਂਟ ਬਗਾਵਤਾਂ ਅਤੇ ਹੋਰ ਕਿੰਨਾ ਕੁਝ ਹੋਇਆ ਵੀ ਇਹ ਸੁਆਲ ਕਰਨ ਦੇ ਬਾਵਜੂਦ ਹਿੰਦੂ-ਸਿੱਖ ਰਿਸ਼ਤੇ ਬਾਰੇ ਖਾਬੇ ਖਿਆਲ ਵਿਚ ਸੋਚਣ ਦੀ '' ਕੋਸ਼ਿਸ਼ '' ਕਰਦਾ ( ਸ਼ਾਇਦ ) ਹੋਵੇਗਾ ; ਪਰ ਹੁਣ ਵੀ ਜੇ ਕਰ ਕੋਈ ਸਿੱਖ ਸੋਚਦਾ ਹੈ ਕਿ ਸਾਡੀ ਸਾਂਝ ਹਿੰਦੂਆਂ ਨਾਲ ਰਹਿ ਸਕਦੀ ਹੈ ਤਾਂ ਮੈਂ ਉਸ ਨੂੰ ਸਿੱਖ ਮੰਨਣ ਤੋਂ ਮੁਨਕਰ ਹੋਵਾਂਗਾ। ਜੇਕਰ ਦੁਨੀਆਂ ਵਿਚ ਕਿਤੇ ਕੋਈ ਅਜਿਹਾ ਸ਼ਖ਼ਸ ਬਚਦਾ ਹੋਵੇ ਜੋ ਖੁਦ ਨੂੰ ਸਿੱਖ ਵੀ ਆਖੇ ਅਤੇ ਹਰਿਮੰਦਰ ਤੇ ਹਰਦੁਆਰ ਦੇ ਏਕੇ ਦੀ ਉਮੀਦ ਰੱਖੇ ਤਾਂ ਮੇਰੀ ਉਸ ਨੂੰ ਅਰਜ ਹੈ ਕਿ '' ਸ੍ਰੀ ਮਾਨ ਜੀ , ਹੁਣ ਤਾਂ ਪੰਥ ਤੇ ਤਰਸ ਕਰੋ ''। ਇਨ੍ਹਾਂ ਵਾਸਤੇ ਮੇਰੀ ਇਲਤਿਜਾ ਹੈ ਕਿ '' ਸ੍ਰੀ ਮਾਨ ਜੀ , ਹੁਣ ਤੁਸੀਂ ਸਿੱਖੀ ਦਾ ਖਹਿੜਾ ਛੱਡ ਦਿਉ ''। ਮੈਂ ਇਨ੍ਹਾਂ ਲੋਕਾਂ ਨੂੰ ਯਾਦ ਕਰਵਾ ਦਿਆਂ ਕਿ ਇਹ ਸਾਰਾ ਕੁਝ ਗੁਰੂ ਸਾਹਿਬ ਨੇ ਪਹਿਲਾਂ ਹੀ ਦਸਿਆ ਹੋਇਆ ਸੀ। ( ਜੇ ਹੁਣ ਸਮਝ ਰਹੇ ਹੋ ਤਾਂ ) , '' ਰਾਜ ਬਿਨਾ ਨਹ ਧਰਮ ਚਲੇ ਹੈਂ ''। ਖਾਲਸਾ ਪੂਰੀ ਤਾਂ ਇਸ ਤੋਂ ਪਹਿਲਾਂ ਹੀ ਅਮਲ ਕਰ ਰਹੀਆਂ ਹਨ।

ਮੈਕਸ ਆਰਥਰ ਮੈਕਾਲਿਫ ਨੇ 1900 ਸੰਨ ਦੇ ਦੁਆਲੇ ਆਪਣੀ ਕਿਤਾਬ ਤਵਾਰੀਖੇਖਾਲਸਾ ਲਈ ਸੀ। ਉਸ ਅਲਮ , ਤਵਾਰੀਖ ਲੇਖਕ ਨੇ ਵੀ ਇਹ ਇਸ਼ਾਰਾ ਉਦੋਂ ਹੀ ਕਰ ਦਿੱਤਾ ਸੀ :

"It (Hinduism) is like the boa-constrictor ;of the Indian forests. When a petty enemy appears to worry it, it winds round its opponent, crushes it in its folds, and finally causes it to disappear in its capacious interior..... Hinduism has embraced Sikhism in its fold; the still comparatively young religion is making a vigorous struggle for life, but its ultimate destruction, is, it is apprehended, inevitable without state support".

ਸੋ ਹੁਣ ਇਸ ਦਾ ਸਿਰਾ ਆ ਗਿਆ ਹੈ। '' ਸਿੱਖ ਰਾਜ ਤੋਂ ਬਿਨ੍ਹਾਂ ਸਿੱਖ ਮਜ਼ਹਬ ਖਤਮ ਹੋ ਜਾਵੇਗਾ ''। ਜੋ ਅਜੇ ਵੀ ਭਰਮ ਵਿਚ ਹਨ ਉਨ੍ਹਾਂ ਨੂੰ ਅਰਜ ਕਰਾਂਗਾ ਕਿ ਹੁਣ '' ਪੰਥ ਦਾ ਖਹਿੜਾ ਛੱਡ ਦਿਓ ''।
